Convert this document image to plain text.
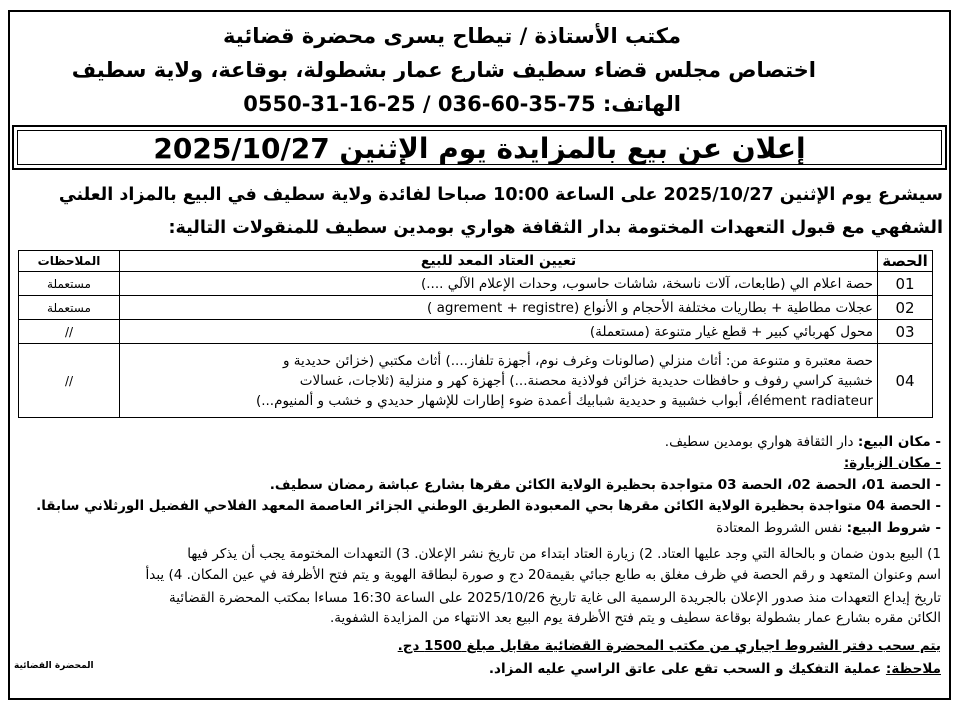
مكتب الأستاذة / تيطاح يسرى محضرة قضائية
اختصاص مجلس قضاء سطيف شارع عمار بشطولة، بوقاعة، ولاية سطيف
الهاتف: 75-35-60-036 / 25-16-31-0550
إعلان عن بيع بالمزايدة يوم الإثنين 2025/10/27
سيشرع يوم الإثنين 2025/10/27 على الساعة 10:00 صباحا لفائدة ولاية سطيف في البيع بالمزاد العلني
الشفهي مع قبول التعهدات المختومة بدار الثقافة هواري بومدين سطيف للمنقولات التالية:
الحصة	تعيين العتاد المعد للبيع	الملاحظات
01	حصة اعلام الي (طابعات، آلات ناسخة، شاشات حاسوب، وحدات الإعلام الآلي ....)	مستعملة
02	عجلات مطاطية + بطاريات مختلفة الأحجام و الأنواع (agrement + registre )	مستعملة
03	محول كهربائي كبير + قطع غيار متنوعة (مستعملة)	//
04	حصة معتبرة و متنوعة من: أثاث منزلي (صالونات وغرف نوم، أجهزة تلفاز....) أثاث مكتبي (خزائن حديدية و
خشبية كراسي رفوف و حافظات حديدية خزائن فولاذية محصنة...) أجهزة كهر و منزلية (ثلاجات، غسالات
élément radiateur، أبواب خشبية و حديدية شبابيك أعمدة ضوء إطارات للإشهار حديدي و خشب و ألمنيوم...)	//
- مكان البيع: دار الثقافة هواري بومدين سطيف.
- مكان الزيارة:
- الحصة 01، الحصة 02، الحصة 03 متواجدة بحظيرة الولاية الكائن مقرها بشارع عباشة رمضان سطيف.
- الحصة 04 متواجدة بحظيرة الولاية الكائن مقرها بحي المعبودة الطريق الوطني الجزائر العاصمة المعهد الفلاحي الفضيل الورثلاني سابقا.
- شروط البيع: نفس الشروط المعتادة
1) البيع بدون ضمان و بالحالة التي وجد عليها العتاد. 2) زيارة العتاد ابتداء من تاريخ نشر الإعلان. 3) التعهدات المختومة يجب أن يذكر فيها
اسم وعنوان المتعهد و رقم الحصة في ظرف مغلق به طابع جبائي بقيمة20 دج و صورة لبطاقة الهوية و يتم فتح الأظرفة في عين المكان. 4) يبدأ
تاريخ إيداع التعهدات منذ صدور الإعلان بالجريدة الرسمية الى غاية تاريخ 2025/10/26 على الساعة 16:30 مساءا بمكتب المحضرة القضائية
الكائن مقره بشارع عمار بشطولة بوقاعة سطيف و يتم فتح الأظرفة يوم البيع بعد الانتهاء من المزايدة الشفوية.
يتم سحب دفتر الشروط اجباري من مكتب المحضرة القضائية مقابل مبلغ 1500 دج.
ملاحظة: عملية التفكيك و السحب تقع على عاتق الراسي عليه المزاد.
المحضرة القضائية
